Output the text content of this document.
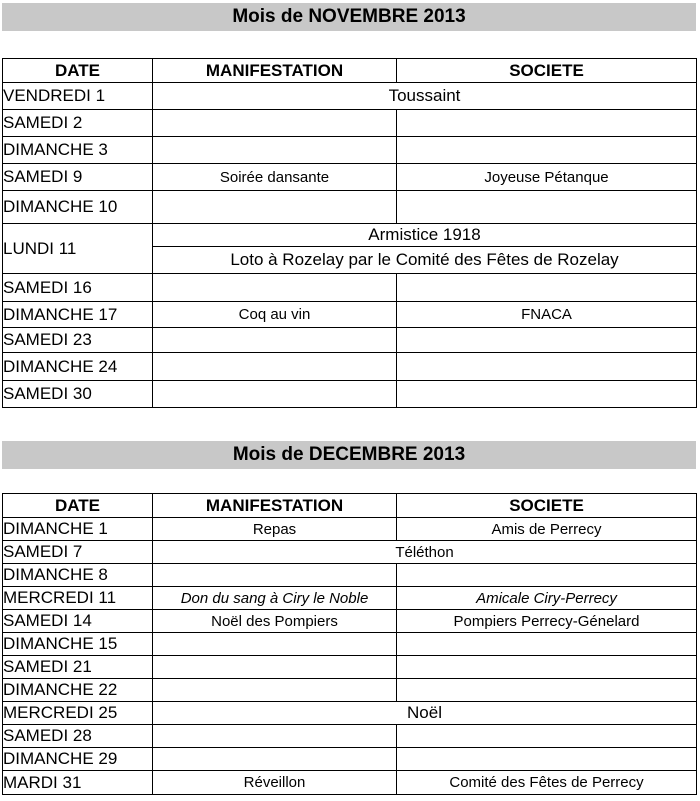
Mois de NOVEMBRE 2013
DATE	MANIFESTATION	SOCIETE
VENDREDI 1	Toussaint	
SAMEDI 2		
DIMANCHE 3		
SAMEDI 9	Soirée dansante	Joyeuse Pétanque
DIMANCHE 10		
LUNDI 11	Armistice 1918	
	Loto à Rozelay par le Comité des Fêtes de Rozelay	
SAMEDI 16		
DIMANCHE 17	Coq au vin	FNACA
SAMEDI 23		
DIMANCHE 24		
SAMEDI 30		
Mois de DECEMBRE 2013
DATE	MANIFESTATION	SOCIETE
DIMANCHE 1	Repas	Amis de Perrecy
SAMEDI 7	Téléthon	
DIMANCHE 8		
MERCREDI 11	Don du sang à Ciry le Noble	Amicale Ciry-Perrecy
SAMEDI 14	Noël des Pompiers	Pompiers Perrecy-Génelard
DIMANCHE 15		
SAMEDI 21		
DIMANCHE 22		
MERCREDI 25	Noël	
SAMEDI 28		
DIMANCHE 29		
MARDI 31	Réveillon	Comité des Fêtes de Perrecy
